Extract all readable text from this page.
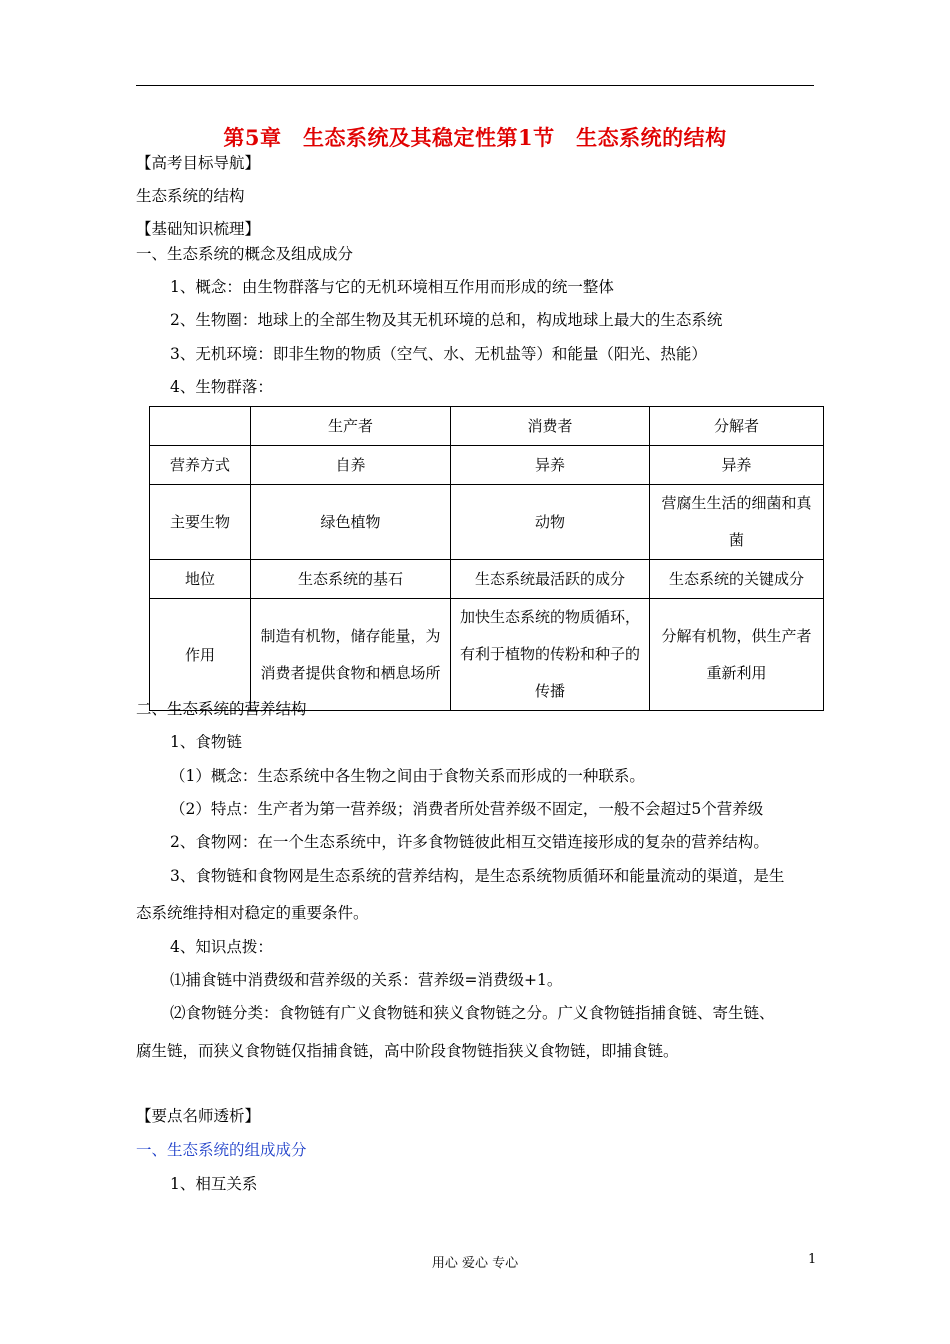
第5章　生态系统及其稳定性第1节　生态系统的结构
【高考目标导航】
生态系统的结构
【基础知识梳理】
一、生态系统的概念及组成成分
1、概念：由生物群落与它的无机环境相互作用而形成的统一整体
2、生物圈：地球上的全部生物及其无机环境的总和，构成地球上最大的生态系统
3、无机环境：即非生物的物质（空气、水、无机盐等）和能量（阳光、热能）
4、生物群落：
	生产者	消费者	分解者
营养方式	自养	异养	异养
主要生物	绿色植物	动物	营腐生生活的细菌和真菌
地位	生态系统的基石	生态系统最活跃的成分	生态系统的关键成分
作用	制造有机物，储存能量，为消费者提供食物和栖息场所	加快生态系统的物质循环，有利于植物的传粉和种子的传播	分解有机物，供生产者重新利用
二、生态系统的营养结构
1、食物链
（1）概念：生态系统中各生物之间由于食物关系而形成的一种联系。
（2）特点：生产者为第一营养级；消费者所处营养级不固定，一般不会超过5个营养级
2、食物网：在一个生态系统中，许多食物链彼此相互交错连接形成的复杂的营养结构。
3、食物链和食物网是生态系统的营养结构，是生态系统物质循环和能量流动的渠道，是生
态系统维持相对稳定的重要条件。
4、知识点拨：
⑴捕食链中消费级和营养级的关系：营养级=消费级+1。
⑵食物链分类：食物链有广义食物链和狭义食物链之分。广义食物链指捕食链、寄生链、
腐生链，而狭义食物链仅指捕食链，高中阶段食物链指狭义食物链，即捕食链。
【要点名师透析】
一、生态系统的组成成分
1、相互关系
用心 爱心 专心	1
